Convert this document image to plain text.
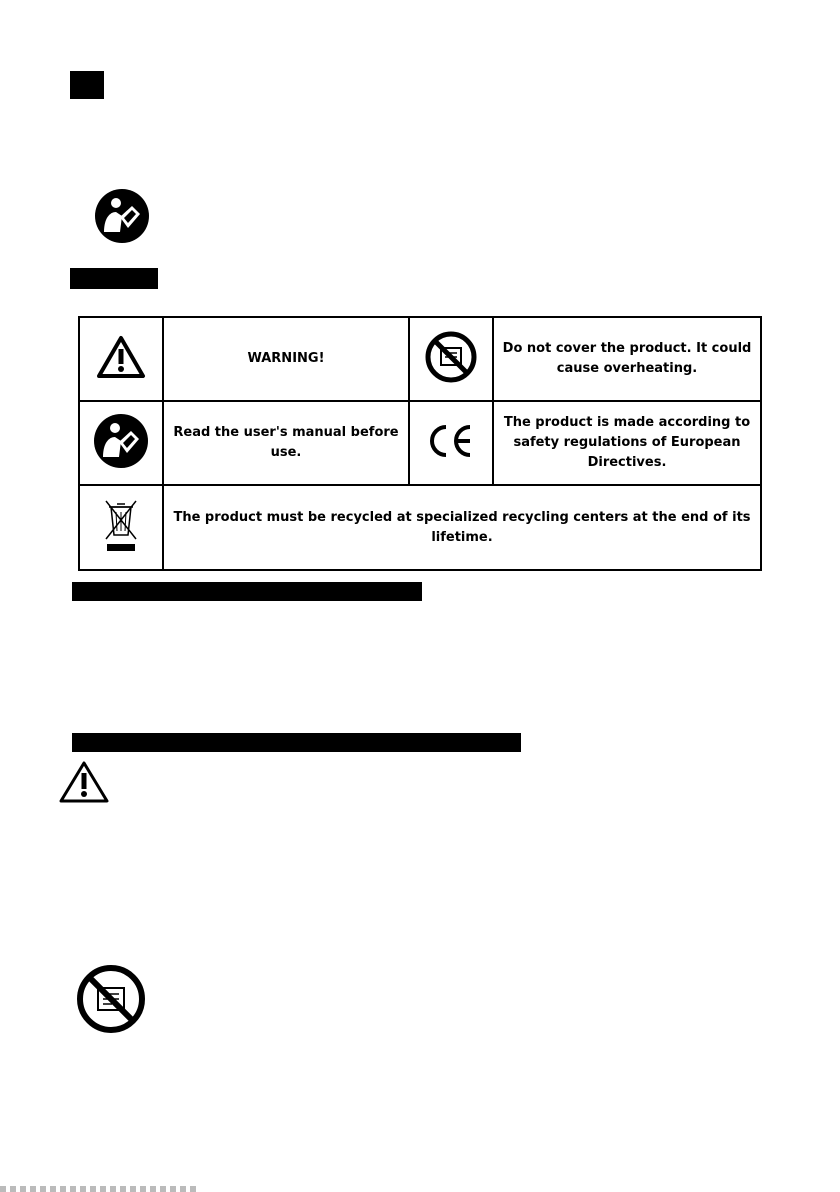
WARNING!		Do not cover the product. It could cause overheating.

Read the user's manual before use.		The product is made according to safety regulations of European Directives.

The product must be recycled at specialized recycling centers at the end of its lifetime.		
